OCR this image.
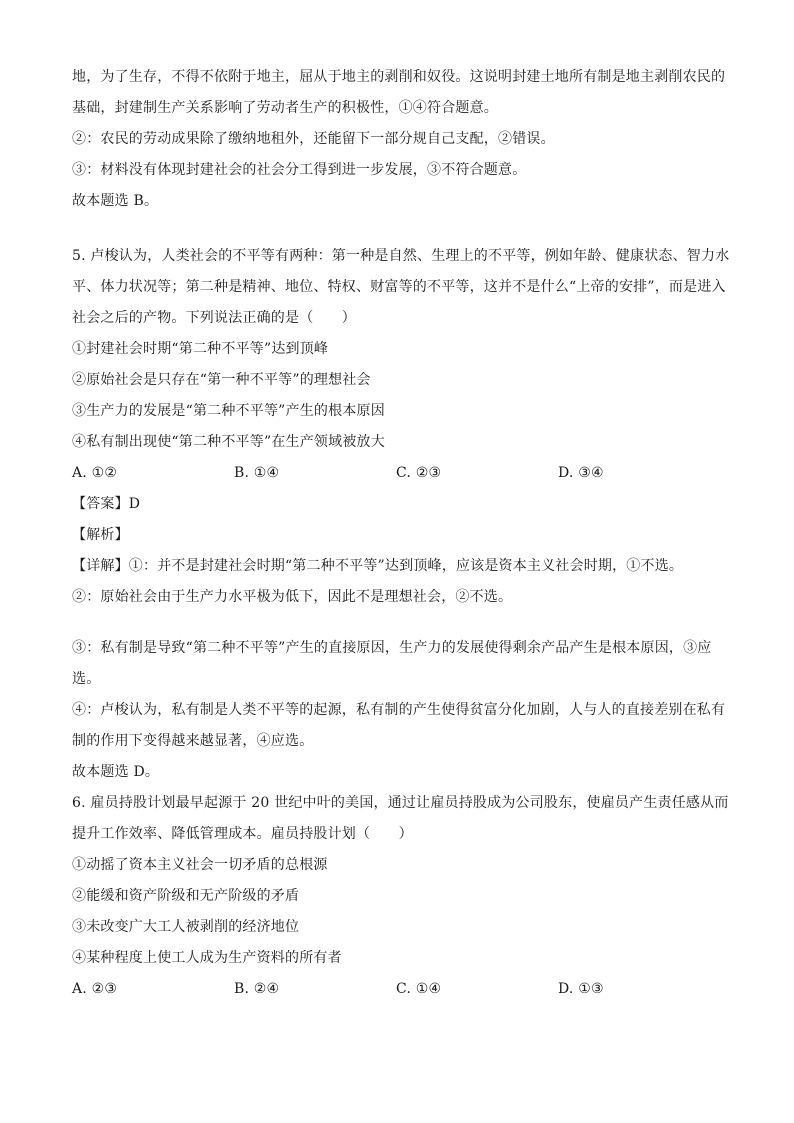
地，为了生存，不得不依附于地主，屈从于地主的剥削和奴役。这说明封建土地所有制是地主剥削农民的
基础，封建制生产关系影响了劳动者生产的积极性，①④符合题意。
②：农民的劳动成果除了缴纳地租外，还能留下一部分规自己支配，②错误。
③：材料没有体现封建社会的社会分工得到进一步发展，③不符合题意。
故本题选 B。
5. 卢梭认为，人类社会的不平等有两种：第一种是自然、生理上的不平等，例如年龄、健康状态、智力水
平、体力状况等；第二种是精神、地位、特权、财富等的不平等，这并不是什么“上帝的安排”，而是进入
社会之后的产物。下列说法正确的是（　　）
①封建社会时期“第二种不平等”达到顶峰
②原始社会是只存在“第一种不平等”的理想社会
③生产力的发展是“第二种不平等”产生的根本原因
④私有制出现使“第二种不平等”在生产领域被放大
A. ①②	B. ①④	C. ②③	D. ③④
【答案】D
【解析】
【详解】①：并不是封建社会时期“第二种不平等”达到顶峰，应该是资本主义社会时期，①不选。
②：原始社会由于生产力水平极为低下，因此不是理想社会，②不选。
③：私有制是导致“第二种不平等”产生的直接原因，生产力的发展使得剩余产品产生是根本原因，③应
选。
④：卢梭认为，私有制是人类不平等的起源，私有制的产生使得贫富分化加剧，人与人的直接差别在私有
制的作用下变得越来越显著，④应选。
故本题选 D。
6. 雇员持股计划最早起源于 20 世纪中叶的美国，通过让雇员持股成为公司股东，使雇员产生责任感从而
提升工作效率、降低管理成本。雇员持股计划（　　）
①动摇了资本主义社会一切矛盾的总根源
②能缓和资产阶级和无产阶级的矛盾
③未改变广大工人被剥削的经济地位
④某种程度上使工人成为生产资料的所有者
A. ②③	B. ②④	C. ①④	D. ①③
